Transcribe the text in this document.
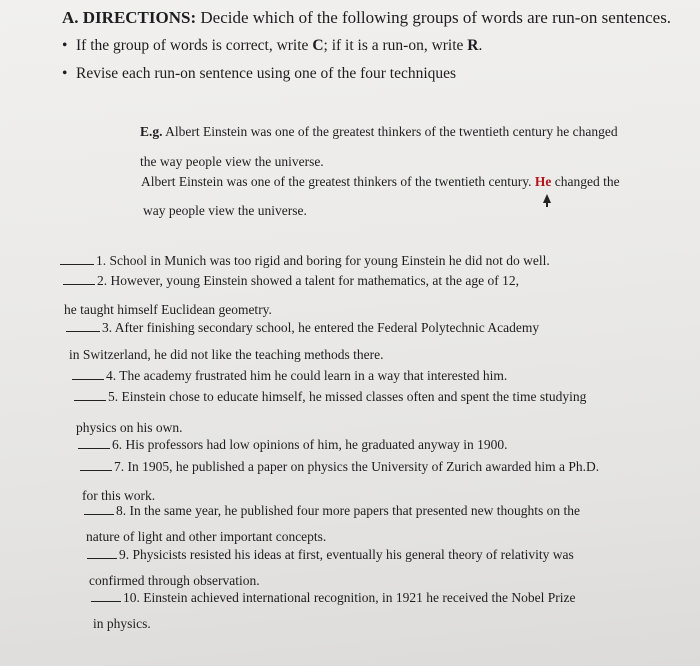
A. DIRECTIONS: Decide which of the following groups of words are run-on sentences.
• If the group of words is correct, write C; if it is a run-on, write R.
• Revise each run-on sentence using one of the four techniques
E.g. Albert Einstein was one of the greatest thinkers of the twentieth century he changed
the way people view the universe.
Albert Einstein was one of the greatest thinkers of the twentieth century. He changed the
way people view the universe.
1. School in Munich was too rigid and boring for young Einstein he did not do well.
2. However, young Einstein showed a talent for mathematics, at the age of 12,
he taught himself Euclidean geometry.
3. After finishing secondary school, he entered the Federal Polytechnic Academy
in Switzerland, he did not like the teaching methods there.
4. The academy frustrated him he could learn in a way that interested him.
5. Einstein chose to educate himself, he missed classes often and spent the time studying
physics on his own.
6. His professors had low opinions of him, he graduated anyway in 1900.
7. In 1905, he published a paper on physics the University of Zurich awarded him a Ph.D.
for this work.
8. In the same year, he published four more papers that presented new thoughts on the
nature of light and other important concepts.
9. Physicists resisted his ideas at first, eventually his general theory of relativity was
confirmed through observation.
10. Einstein achieved international recognition, in 1921 he received the Nobel Prize
in physics.
